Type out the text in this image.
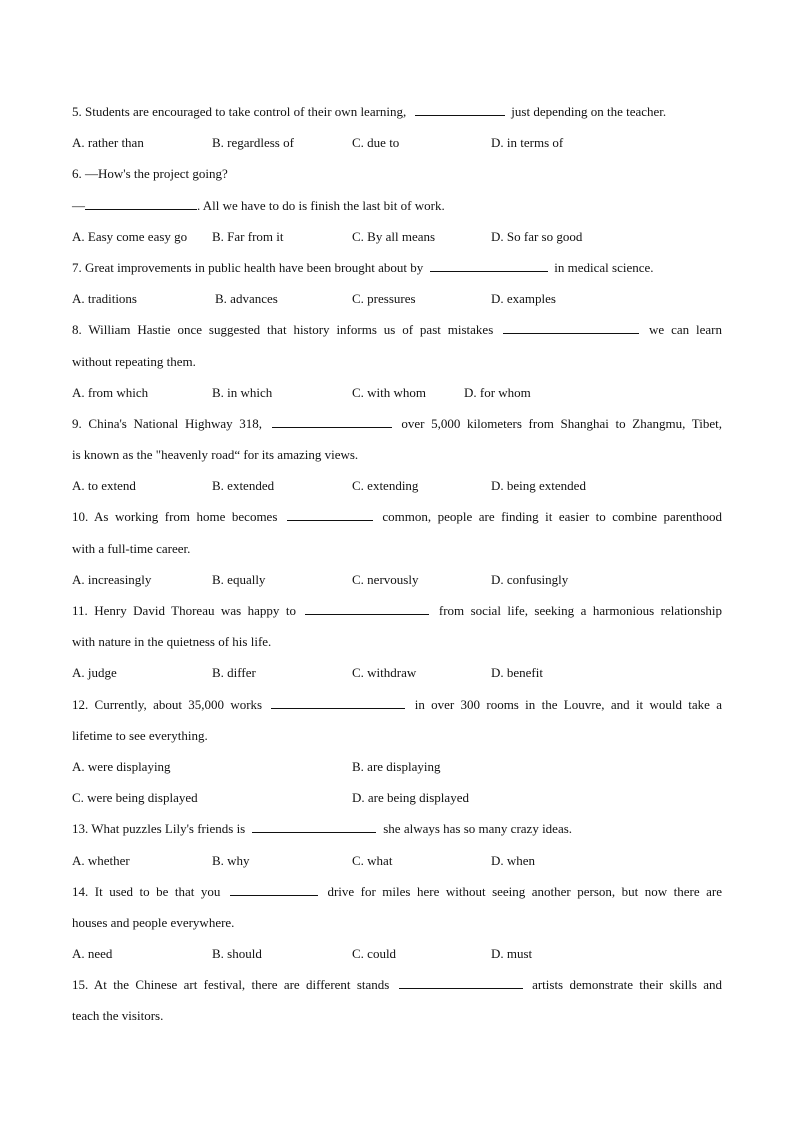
5. Students are encouraged to take control of their own learning,	just depending on the teacher.
A. rather than	B. regardless of	C. due to	D. in terms of
6. —How's the project going?
—	. All we have to do is finish the last bit of work.
A. Easy come easy go B. Far from it	C. By all means	D. So far so good
7. Great improvements in public health have been brought about by	in medical science.
A. traditions	B. advances	C. pressures	D. examples
8. William Hastie once suggested that history informs us of past mistakes	we can learn
without repeating them.
A. from which	B. in which	C. with whom	D. for whom
9. China's National Highway 318,	over 5,000 kilometers from Shanghai to Zhangmu, Tibet,
is known as the "heavenly road“ for its amazing views.
A. to extend	B. extended	C. extending	D. being extended
10. As working from home becomes	common, people are finding it easier to combine parenthood
with a full-time career.
A. increasingly	B. equally	C. nervously	D. confusingly
11. Henry David Thoreau was happy to	from social life, seeking a harmonious relationship
with nature in the quietness of his life.
A. judge	B. differ	C. withdraw	D. benefit
12. Currently, about 35,000 works	in over 300 rooms in the Louvre, and it would take a
lifetime to see everything.
A. were displaying	B. are displaying
C. were being displayed	D. are being displayed
13. What puzzles Lily's friends is	she always has so many crazy ideas.
A. whether	B. why	C. what	D. when
14. It used to be that you	drive for miles here without seeing another person, but now there are
houses and people everywhere.
A. need	B. should	C. could	D. must
15. At the Chinese art festival, there are different stands	artists demonstrate their skills and
teach the visitors.
